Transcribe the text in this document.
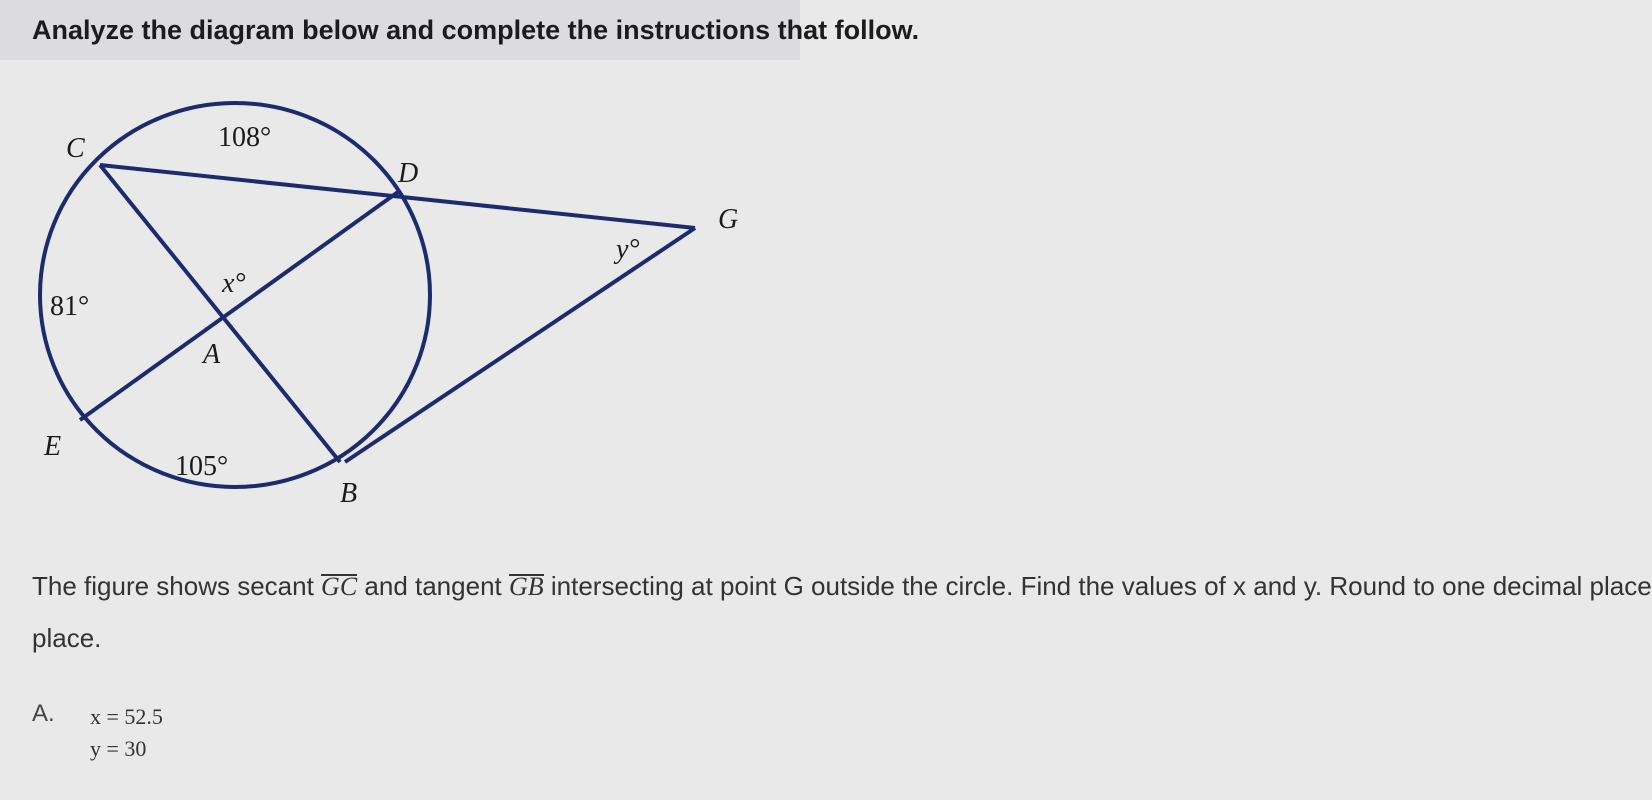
Analyze the diagram below and complete the instructions that follow.
C
D
G
E
A
B
108°
81°
105°
x°
y°
The figure shows secant GC and tangent GB intersecting at point G outside the circle. Find the values of x and y. Round to one decimal place
place.
A. x = 52.5
y = 30
